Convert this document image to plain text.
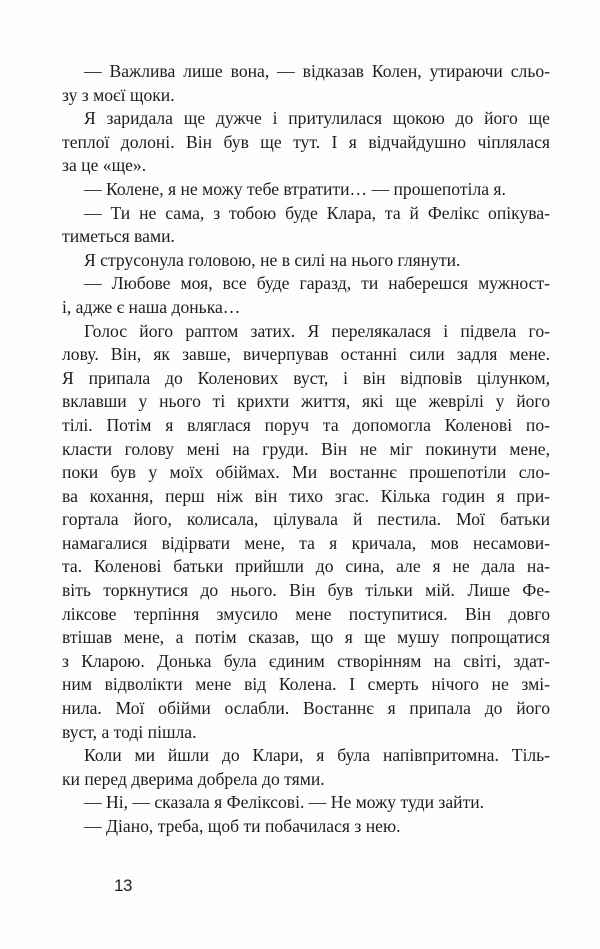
— Важлива лише вона, — відказав Колен, утираючи сльо-
зу з моєї щоки.
Я заридала ще дужче і притулилася щокою до його ще
теплої долоні. Він був ще тут. І я відчайдушно чіплялася
за це «ще».
— Колене, я не можу тебе втратити… — прошепотіла я.
— Ти не сама, з тобою буде Клара, та й Фелікс опікува-
тиметься вами.
Я струсонула головою, не в силі на нього глянути.
— Любове моя, все буде гаразд, ти наберешся мужност-
і, адже є наша донька…
Голос його раптом затих. Я перелякалася і підвела го-
лову. Він, як завше, вичерпував останні сили задля мене.
Я припала до Коленових вуст, і він відповів цілунком,
вклавши у нього ті крихти життя, які ще жеврілі у його
тілі. Потім я вляглася поруч та допомогла Коленові по-
класти голову мені на груди. Він не міг покинути мене,
поки був у моїх обіймах. Ми востаннє прошепотіли сло-
ва кохання, перш ніж він тихо згас. Кілька годин я при-
гортала його, колисала, цілувала й пестила. Мої батьки
намагалися відірвати мене, та я кричала, мов несамови-
та. Коленові батьки прийшли до сина, але я не дала на-
віть торкнутися до нього. Він був тільки мій. Лише Фе-
ліксове терпіння змусило мене поступитися. Він довго
втішав мене, а потім сказав, що я ще мушу попрощатися
з Кларою. Донька була єдиним створінням на світі, здат-
ним відволікти мене від Колена. І смерть нічого не змі-
нила. Мої обійми ослабли. Востаннє я припала до його
вуст, а тоді пішла.
Коли ми йшли до Клари, я була напівпритомна. Тіль-
ки перед дверима добрела до тями.
— Ні, — сказала я Феліксові. — Не можу туди зайти.
— Діано, треба, щоб ти побачилася з нею.
13
